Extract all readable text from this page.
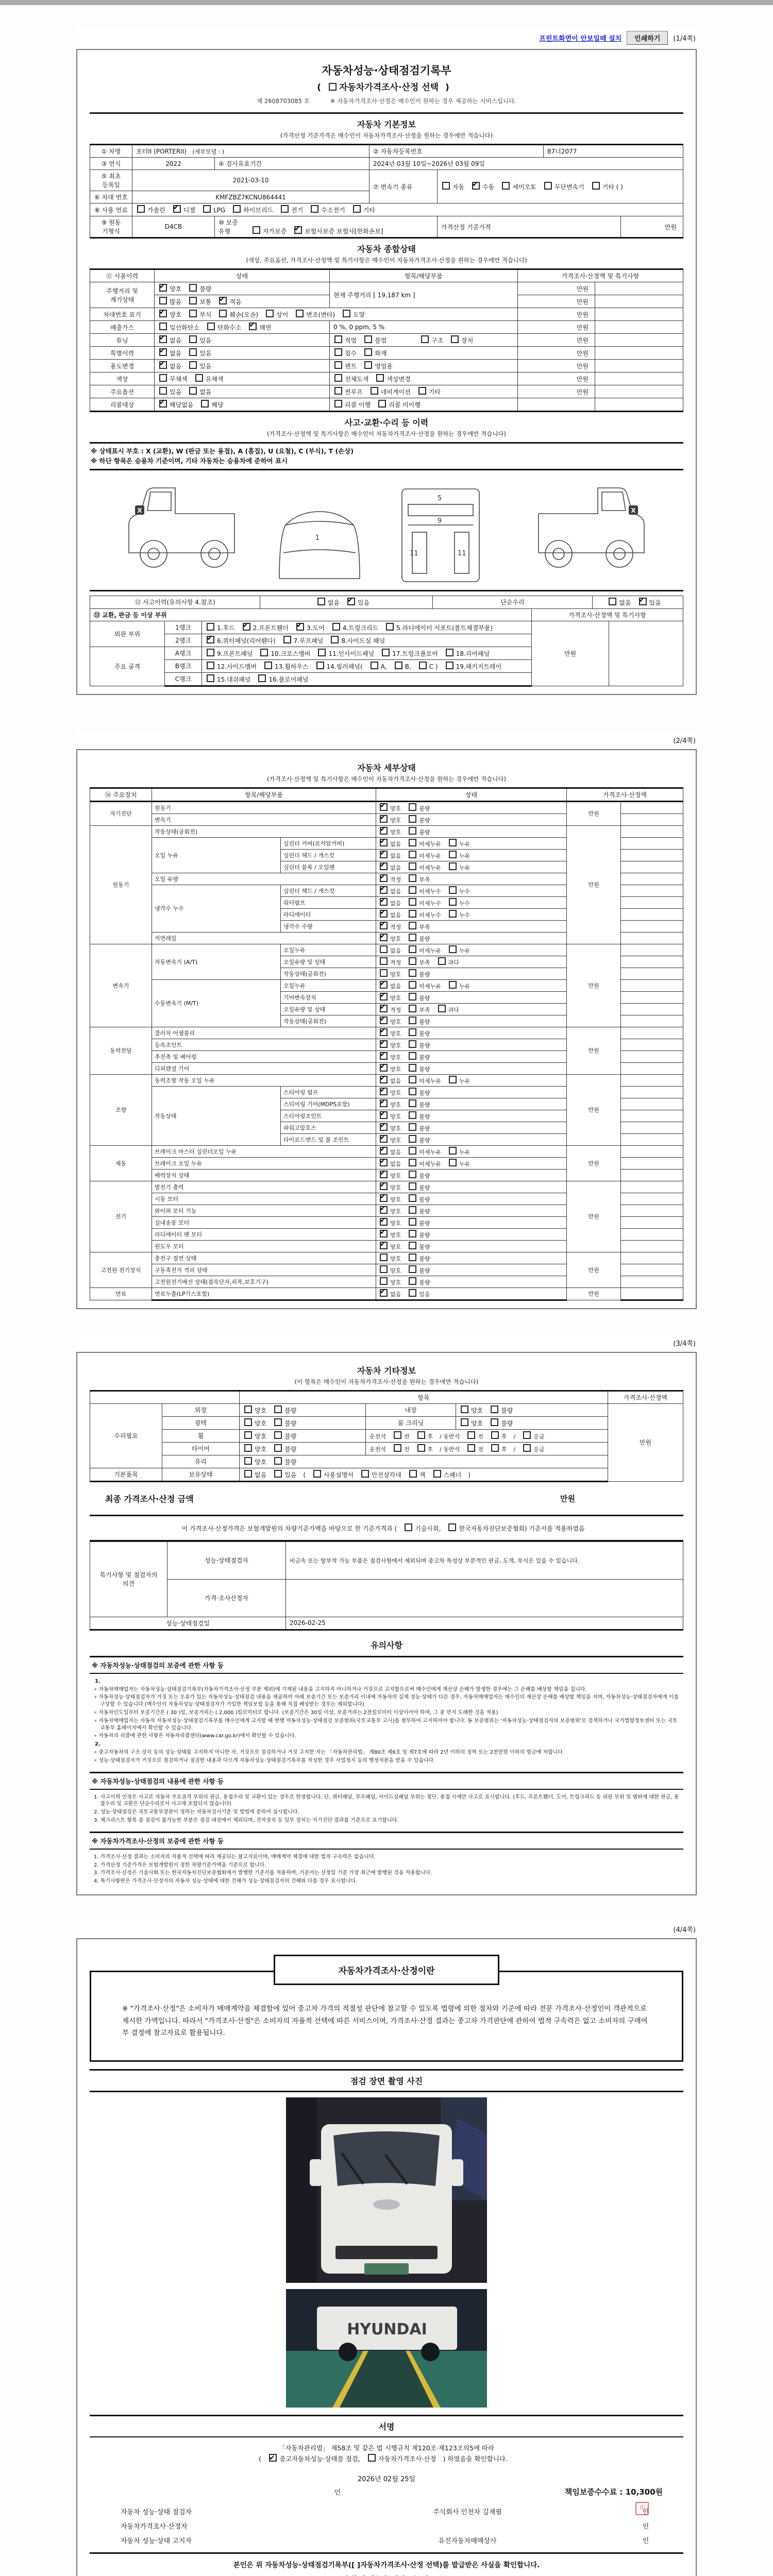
프린트화면이 안보일때 설치	인쇄하기	(1/4쪽)
자동차성능·상태점검기록부
( 자동차가격조사·산정 선택 )
제 2608703085 호	※ 자동차가격조사·산정은 매수인이 원하는 경우 제공하는 서비스입니다.
자동차 기본정보
(가격산정 기준가격은 매수인이 자동차가격조사·산정을 원하는 경우에만 적습니다)
① 차명	포터II (PORTERII) (세부모델 : )		② 자동차등록번호		87너2077	
③ 연식	2022	④ 검사유효기간	2024년 03월 10일~2026년 03월 09일			
⑤ 최초 등록일	2021-03-10		⑦ 변속기 종류	자동 ✔ 수동 세미오토 무단변속기 기타 ( )
⑥ 차대 번호	KMFZBZ7KCNU864441					
⑧ 사용 연료	가솔린 ✔ 디젤 LPG 하이브리드 전기 수소전기 기타
⑨ 원동 기형식	D4CB	⑩ 보증 유형 자가보증 ✔ 보험사보증 보험사[한화손보]		가격산정 기준가격		만원
자동차 종합상태
(색상, 주요옵션, 가격조사·산정액 및 특기사항은 매수인이 자동차가격조사·산정을 원하는 경우에만 적습니다)
⑪ 사용이력	상태	항목/해당부품	가격조사·산정액 및 특기사항	
주행거리 및 계기상태	✔양호 불량	현재 주행거리 [ 19,187 km ]	만원	
	많음 보통 ✔ 적음		만원	
차대번호 표기	✔양호 부식 훼손(오손) 상이 변조(변타) 도말		만원	
배출가스	일산화탄소 탄화수소 ✔ 매연	0 %, 0 ppm, 5 %	만원	
튜닝	✔없음 있음	적법 불법 구조 장치	만원	
특별이력	✔없음 있음	침수 화재	만원	
용도변경	✔없음 있음	렌트 영업용	만원	
색상	무채색 유채색	전체도색 색상변경	만원	
주요옵션	있음 없음	썬루프 네비게이션 기타	만원	
리콜대상	✔해당없음 해당	리콜 이행 리콜 미이행		
사고·교환·수리 등 이력
(가격조사·산정액 및 특기사항은 매수인이 자동차가격조사·산정을 원하는 경우에만 적습니다)
※ 상태표시 부호 : X (교환), W (판금 또는 용접), A (흠집), U (요철), C (부식), T (손상)
※ 하단 항목은 승용차 기준이며, 기타 자동차는 승용차에 준하여 표시
1
5
9
11	11
X	X
⑫ 사고이력(유의사항 4.참조)	없음 ✔	있음	단순수리	없음 ✔	있음
⑬ 교환, 판금 등 이상 부위			가격조사·산정액 및 특기사항	
외판 부위	1랭크	1.후드 ✔ 2.프론트휀더 ✔ 3.도어 4.트렁크리드 5.라디에이터 서포트(볼트체결부품)	만원	
	2랭크	✔6.쿼터패널(리어휀다) 7.루프패널 8.사이드실 패널
주요 골격	A랭크	9.프론트패널 10.크로스멤버 11.인사이드패널 17.트렁크플로어 18.리어패널		
	B랭크	12.사이드멤버 13.휠하우스 14.필러패널( A, B, C ) 19.패키지트레이		
	C랭크	15.대쉬패널 16.플로어패널		
(2/4쪽)
자동차 세부상태
(가격조사·산정액 및 특기사항은 매수인이 자동차가격조사·산정을 원하는 경우에만 적습니다)
⑭ 주요장치	항목/해당부품		상태	가격조사·산정액	
자기진단	원동기	✔양호 불량	만원	
	변속기	✔양호 불량	
원동기	작동상태(공회전)	✔양호 불량	만원	
	오일 누유	실린더 커버(로커암커버)	✔없음 미세누유 누유	
		실린더 헤드 / 개스킷	✔없음 미세누유 누유	
		실린더 블록 / 오일팬	✔없음 미세누유 누유	
	오일 유량	✔적정 부족	
	냉각수 누수	실린더 헤드 / 개스킷	✔없음 미세누수 누수	
		워터펌프	✔없음 미세누수 누수	
		라디에이터	✔없음 미세누수 누수	
		냉각수 수량	✔적정 부족	
	커먼레일	✔양호 불량	
변속기	자동변속기 (A/T)	오일누유	없음 미세누유 누유	만원	
		오일유량 및 상태	적정 부족 과다		
		작동상태(공회전)	양호 불량		
	수동변속기 (M/T)	오일누유	✔없음 미세누유 누유	
		기어변속장치	✔양호 불량	
		오일유량 및 상태	✔적정 부족 과다	
		작동상태(공회전)	✔양호 불량	
동력전달	클러치 어셈블리	✔양호 불량	만원	
	등속조인트	✔양호 불량	
	추진축 및 베어링	✔양호 불량	
	디퍼렌셜 기어	✔양호 불량	
조향	동력조향 작동 오일 누유	✔없음 미세누유 누유	만원	
	작동상태	스티어링 펌프	✔양호 불량	
		스티어링 기어(MDPS포함)	✔양호 불량	
		스티어링조인트	✔양호 불량	
		파워고압호스	✔양호 불량	
		타이로드엔드 및 볼 조인트	✔양호 불량	
제동	브레이크 마스터 실린더오일 누유	✔없음 미세누유 누유	만원	
	브레이크 오일 누유	✔없음 미세누유 누유	
	배력장치 상태	✔양호 불량	
전기	발전기 출력	✔양호 불량	만원	
	시동 모터	✔양호 불량	
	와이퍼 모터 기능	✔양호 불량	
	실내송풍 모터	✔양호 불량	
	라디에이터 팬 모터	✔양호 불량	
	윈도우 모터	✔양호 불량	
고전원 전기장치	충전구 절연 상태		양호 불량	만원	
	구동축전지 격리 상태		양호 불량		
	고전원전기배선 상태(접속단자,피복,보호기구)		양호 불량		
연료	연료누출(LP가스포함)	✔없음 있음	만원	
(3/4쪽)
자동차 기타정보
(이 항목은 매수인이 자동차가격조사·산정을 원하는 경우에만 적습니다)
		항목			가격조사·산정액
수리필요	외장	양호 불량	내장	양호 불량	만원
	광택	양호 불량	룸 크리닝	양호 불량	
	휠	양호 불량	운전석 전 후 / 동반석 전 후 / 응급		
	타이어	양호 불량	운전석 전 후 / 동반석 전 후 / 응급		
	유리	양호 불량			
기본품목	보유상태	없음 있음 ( 사용설명서 안전삼각대 잭 스패너 )			
최종 가격조사·산정 금액	만원
이 가격조사·산정가격은 보험개발원의 차량기준가액을 바탕으로 한 기준가격과 (	기술사회,	한국자동차진단보증협회) 기준서를 적용하였음
특기사항 및 점검자의 의견	성능·상태점검자	비금속 또는 탈부착 가능 부품은 점검사항에서 제외되며 중고차 특성상 부분적인 판금, 도색, 부식은 있을 수 있습니다.
	가격·조사산정자	
성능·상태점검일		2026-02-25
유의사항
※ 자동차성능·상태점검의 보증에 관한 사항 등

1.

∘ 자동차매매업자는 자동차성능·상태점검기록부(자동차가격조사·산정 부분 제외)에 기재된 내용을 고지하지 아니하거나 거짓으로 고지함으로써 매수인에게 재산상 손해가 발생한 경우에는 그 손해를 배상할 책임을 집니다.

∘ 자동차성능·상태점검자가 거짓 또는 오류가 있는 자동차성능·상태점검 내용을 제공하여 아래 보증기간 또는 보증거리 이내에 자동차의 실제 성능·상태가 다른 경우, 자동차매매업자는 매수인의 재산상 손해를 배상할 책임을 지며, 자동차성능·상태점검자에게 이를 구상할 수 있습니다.(매수인이 자동차성능·상태점검자가 가입한 책임보험 등을 통해 직접 배상받는 경우는 제외합니다)

∘ 자동차인도일부터 보증기간은 ( 30 )일, 보증거리는 ( 2,000 )킬로미터로 합니다. (보증기간은 30일 이상, 보증거리는 2천킬로미터 이상이어야 하며, 그 중 먼저 도래한 것을 적용)

∘ 자동차매매업자는 자동차 자동차성능·상태점검기록부를 매수인에게 고지할 때 현행 자동차성능·상태점검 보증범위(국토교통부 고시)를 첨부하여 고지하여야 합니다. 동 보증범위는 '자동차성능·상태점검자의 보증범위'로 검색하거나 국가법령정보센터 또는 국토교통부 홈페이지에서 확인할 수 있습니다.

∘ 자동차의 리콜에 관한 사항은 자동차리콜센터(www.car.go.kr)에서 확인할 수 있습니다.

2.

∘ 중고자동차의 구조·장치 등의 성능·상태를 고지하지 아니한 자, 거짓으로 점검하거나 거짓 고지한 자는 「자동차관리법」 제80조 제6호 및 제7호에 따라 2년 이하의 징역 또는 2천만원 이하의 벌금에 처합니다.

∘ 성능·상태점검자가 거짓으로 점검하거나 점검한 내용과 다르게 자동차성능·상태점검기록부를 작성한 경우 사업정지 등의 행정처분을 받을 수 있습니다.

※ 자동차성능·상태점검의 내용에 관한 사항 등

1. 사고이력 인정은 사고로 자동차 주요골격 부위의 판금, 용접수리 및 교환이 있는 경우로 한정합니다. 단, 쿼터패널, 루프패널, 사이드실패널 부위는 절단, 용접 시에만 사고로 표시합니다. (후드, 프론트휀더, 도어, 트렁크리드 등 외판 부위 및 범퍼에 대한 판금, 용접수리 및 교환은 단순수리로서 사고에 포함되지 않습니다)

2. 성능·상태점검은 국토교통부장관이 정하는 자동차검사기준 및 방법에 준하여 실시합니다.

3. 체크리스트 항목 중 점검이 불가능한 부분은 점검 대상에서 제외되며, 전자장치 등 일부 장치는 자기진단 결과를 기준으로 표기합니다.

※ 자동차가격조사·산정의 보증에 관한 사항 등

1. 가격조사·산정 결과는 소비자의 자율적 선택에 따라 제공되는 참고자료이며, 매매계약 체결에 대한 법적 구속력은 없습니다.

2. 가격산정 기준가격은 보험개발원이 정한 차량기준가액을 기준으로 합니다.

3. 가격조사·산정은 기술사회 또는 한국자동차진단보증협회에서 발행한 기준서를 적용하며, 기준서는 산정일 기준 가장 최근에 발행된 것을 적용합니다.

4. 특기사항란은 가격조사·산정자의 자동차 성능·상태에 대한 견해가 성능·상태점검자의 견해와 다를 경우 표시합니다.

(4/4쪽)
자동차가격조사·산정이란
※ "가격조사·산정"은 소비자가 매매계약을 체결함에 있어 중고차 가격의 적절성 판단에 참고할 수 있도록 법령에 의한 절차와 기준에 따라 전문 가격조사·산정인이 객관적으로 제시한 가액입니다. 따라서 "가격조사·산정"은 소비자의 자율적 선택에 따른 서비스이며, 가격조사·산정 결과는 중고차 가격판단에 관하여 법적 구속력은 없고 소비자의 구매여부 결정에 참고자료로 활용됩니다.
점검 장면 촬영 사진
HYUNDAI
서명
「자동차관리법」 제58조 및 같은 법 시행규칙 제120조·제123조의5에 따라
( ✔	중고자동차성능·상태를 점검,	자동차가격조사·산정 ) 하였음을 확인합니다.
2026년 02월 25일
인	책임보증수수료 : 10,300원
자동차 성능·상태 점검자	주식회사 인천차 김재필
印
인
자동차가격조사·산정자	인
자동차 성능·상태 고지자	유진자동차매매상사	인
본인은 위 자동차성능·상태점검기록부([ ]자동차가격조사·산정 선택)를 발급받은 사실을 확인합니다.
